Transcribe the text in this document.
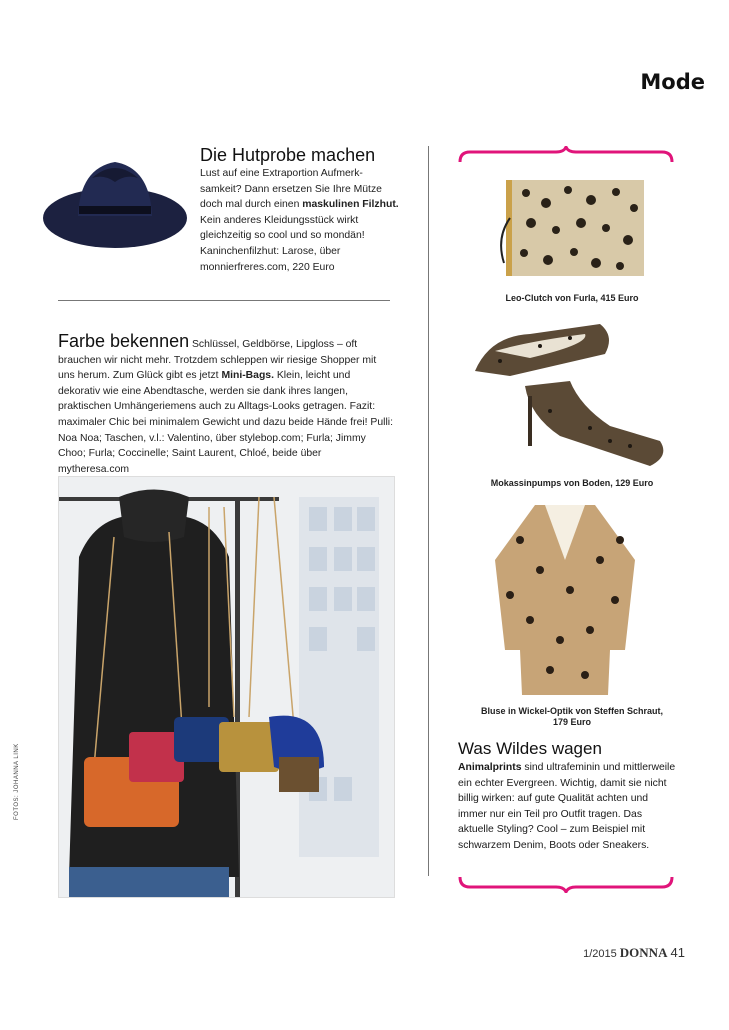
Mode
Die Hutprobe machen
Lust auf eine Extraportion Aufmerk-samkeit? Dann ersetzen Sie Ihre Mütze doch mal durch einen maskulinen Filzhut. Kein anderes Kleidungsstück wirkt gleichzeitig so cool und so mondän! Kaninchenfilzhut: Larose, über monnierfreres.com, 220 Euro
Farbe bekennen Schlüssel, Geldbörse, Lipgloss – oft brauchen wir nicht mehr. Trotzdem schleppen wir riesige Shopper mit uns herum. Zum Glück gibt es jetzt Mini-Bags. Klein, leicht und dekorativ wie eine Abendtasche, werden sie dank ihres langen, praktischen Umhängeriemens auch zu Alltags-Looks getragen. Fazit: maximaler Chic bei minimalem Gewicht und dazu beide Hände frei! Pulli: Noa Noa; Taschen, v.l.: Valentino, über stylebop.com; Furla; Jimmy Choo; Furla; Coccinelle; Saint Laurent, Chloé, beide über mytheresa.com
FOTOS: JOHANNA LINK
Leo-Clutch von Furla, 415 Euro
Mokassinpumps von Boden, 129 Euro
Bluse in Wickel-Optik von Steffen Schraut,
179 Euro
Was Wildes wagen
Animalprints sind ultrafeminin und mittlerweile ein echter Evergreen. Wichtig, damit sie nicht billig wirken: auf gute Qualität achten und immer nur ein Teil pro Outfit tragen. Das aktuelle Styling? Cool – zum Beispiel mit schwarzem Denim, Boots oder Sneakers.
1/2015 DONNA 41
